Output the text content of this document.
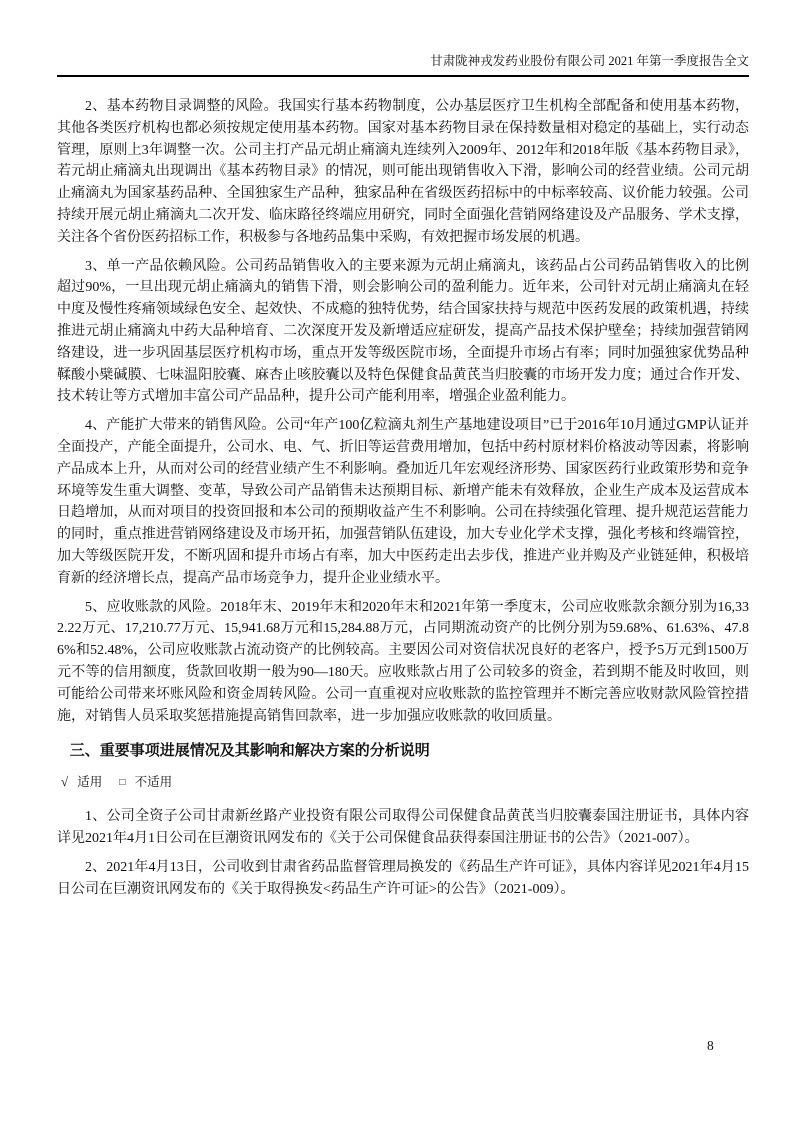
甘肃陇神戎发药业股份有限公司 2021 年第一季度报告全文

2、基本药物目录调整的风险。我国实行基本药物制度，公办基层医疗卫生机构全部配备和使用基本药物，其他各类医疗机构也都必须按规定使用基本药物。国家对基本药物目录在保持数量相对稳定的基础上，实行动态管理，原则上3年调整一次。公司主打产品元胡止痛滴丸连续列入2009年、2012年和2018年版《基本药物目录》，若元胡止痛滴丸出现调出《基本药物目录》的情况，则可能出现销售收入下滑，影响公司的经营业绩。公司元胡止痛滴丸为国家基药品种、全国独家生产品种，独家品种在省级医药招标中的中标率较高、议价能力较强。公司持续开展元胡止痛滴丸二次开发、临床路径终端应用研究，同时全面强化营销网络建设及产品服务、学术支撑，关注各个省份医药招标工作，积极参与各地药品集中采购，有效把握市场发展的机遇。

3、单一产品依赖风险。公司药品销售收入的主要来源为元胡止痛滴丸，该药品占公司药品销售收入的比例超过90%，一旦出现元胡止痛滴丸的销售下滑，则会影响公司的盈利能力。近年来，公司针对元胡止痛滴丸在轻中度及慢性疼痛领域绿色安全、起效快、不成瘾的独特优势，结合国家扶持与规范中医药发展的政策机遇，持续推进元胡止痛滴丸中药大品种培育、二次深度开发及新增适应症研发，提高产品技术保护壁垒；持续加强营销网络建设，进一步巩固基层医疗机构市场，重点开发等级医院市场，全面提升市场占有率；同时加强独家优势品种鞣酸小檗碱膜、七味温阳胶囊、麻杏止咳胶囊以及特色保健食品黄芪当归胶囊的市场开发力度；通过合作开发、技术转让等方式增加丰富公司产品品种，提升公司产能利用率，增强企业盈利能力。

4、产能扩大带来的销售风险。公司“年产100亿粒滴丸剂生产基地建设项目”已于2016年10月通过GMP认证并全面投产，产能全面提升，公司水、电、气、折旧等运营费用增加，包括中药村原材料价格波动等因素，将影响产品成本上升，从而对公司的经营业绩产生不利影响。叠加近几年宏观经济形势、国家医药行业政策形势和竞争环境等发生重大调整、变革，导致公司产品销售未达预期目标、新增产能未有效释放，企业生产成本及运营成本日趋增加，从而对项目的投资回报和本公司的预期收益产生不利影响。公司在持续强化管理、提升规范运营能力的同时，重点推进营销网络建设及市场开拓，加强营销队伍建设，加大专业化学术支撑，强化考核和终端管控，加大等级医院开发，不断巩固和提升市场占有率，加大中医药走出去步伐，推进产业并购及产业链延伸，积极培育新的经济增长点，提高产品市场竞争力，提升企业业绩水平。

5、应收账款的风险。2018年末、2019年末和2020年末和2021年第一季度末，公司应收账款余额分别为16,332.22万元、17,210.77万元、15,941.68万元和15,284.88万元，占同期流动资产的比例分别为59.68%、61.63%、47.86%和52.48%，公司应收账款占流动资产的比例较高。主要因公司对资信状况良好的老客户，授予5万元到1500万元不等的信用额度，货款回收期一般为90—180天。应收账款占用了公司较多的资金，若到期不能及时收回，则可能给公司带来坏账风险和资金周转风险。公司一直重视对应收账款的监控管理并不断完善应收财款风险管控措施，对销售人员采取奖惩措施提高销售回款率，进一步加强应收账款的收回质量。

三、重要事项进展情况及其影响和解决方案的分析说明
√ 适用 □ 不适用

1、公司全资子公司甘肃新丝路产业投资有限公司取得公司保健食品黄芪当归胶囊泰国注册证书，具体内容详见2021年4月1日公司在巨潮资讯网发布的《关于公司保健食品获得泰国注册证书的公告》（2021-007）。

2、2021年4月13日，公司收到甘肃省药品监督管理局换发的《药品生产许可证》，具体内容详见2021年4月15日公司在巨潮资讯网发布的《关于取得换发<药品生产许可证>的公告》（2021-009）。

8
